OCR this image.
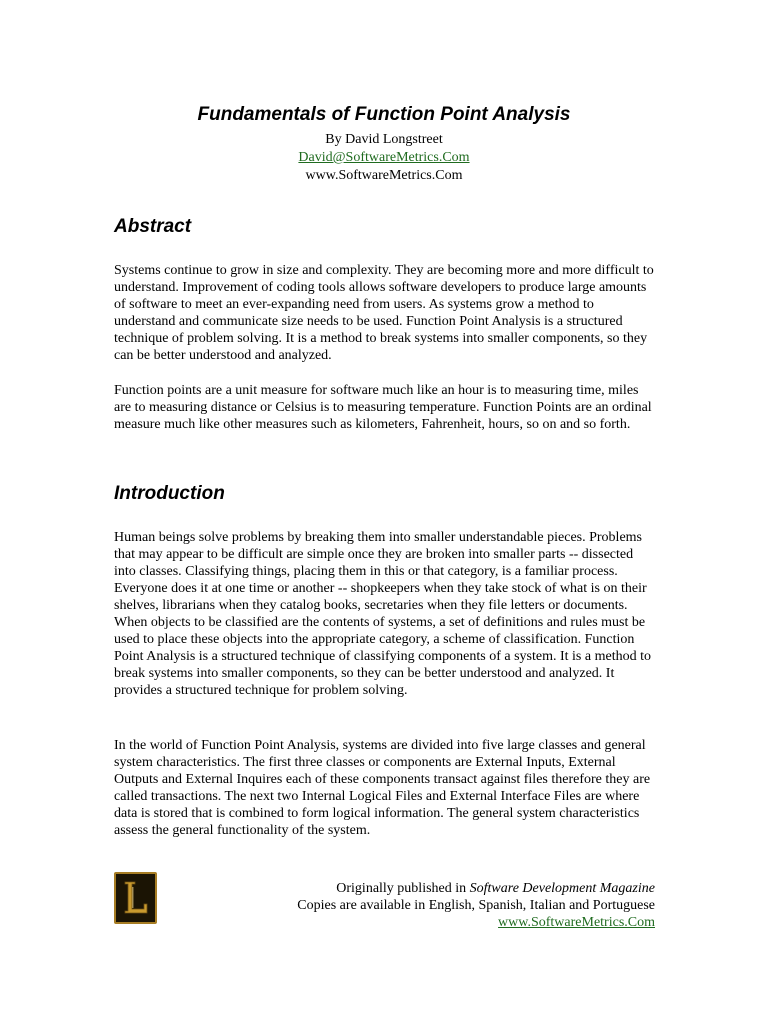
Fundamentals of Function Point Analysis
By David Longstreet
David@SoftwareMetrics.Com
www.SoftwareMetrics.Com
Abstract

Systems continue to grow in size and complexity. They are becoming more and more difficult to understand. Improvement of coding tools allows software developers to produce large amounts of software to meet an ever-expanding need from users. As systems grow a method to understand and communicate size needs to be used. Function Point Analysis is a structured technique of problem solving. It is a method to break systems into smaller components, so they can be better understood and analyzed.

Function points are a unit measure for software much like an hour is to measuring time, miles are to measuring distance or Celsius is to measuring temperature. Function Points are an ordinal measure much like other measures such as kilometers, Fahrenheit, hours, so on and so forth.

Introduction

Human beings solve problems by breaking them into smaller understandable pieces. Problems that may appear to be difficult are simple once they are broken into smaller parts -- dissected into classes. Classifying things, placing them in this or that category, is a familiar process. Everyone does it at one time or another -- shopkeepers when they take stock of what is on their shelves, librarians when they catalog books, secretaries when they file letters or documents. When objects to be classified are the contents of systems, a set of definitions and rules must be used to place these objects into the appropriate category, a scheme of classification. Function Point Analysis is a structured technique of classifying components of a system. It is a method to break systems into smaller components, so they can be better understood and analyzed. It provides a structured technique for problem solving.

In the world of Function Point Analysis, systems are divided into five large classes and general system characteristics. The first three classes or components are External Inputs, External Outputs and External Inquires each of these components transact against files therefore they are called transactions. The next two Internal Logical Files and External Interface Files are where data is stored that is combined to form logical information. The general system characteristics assess the general functionality of the system.

Originally published in Software Development Magazine
Copies are available in English, Spanish, Italian and Portuguese
www.SoftwareMetrics.Com
